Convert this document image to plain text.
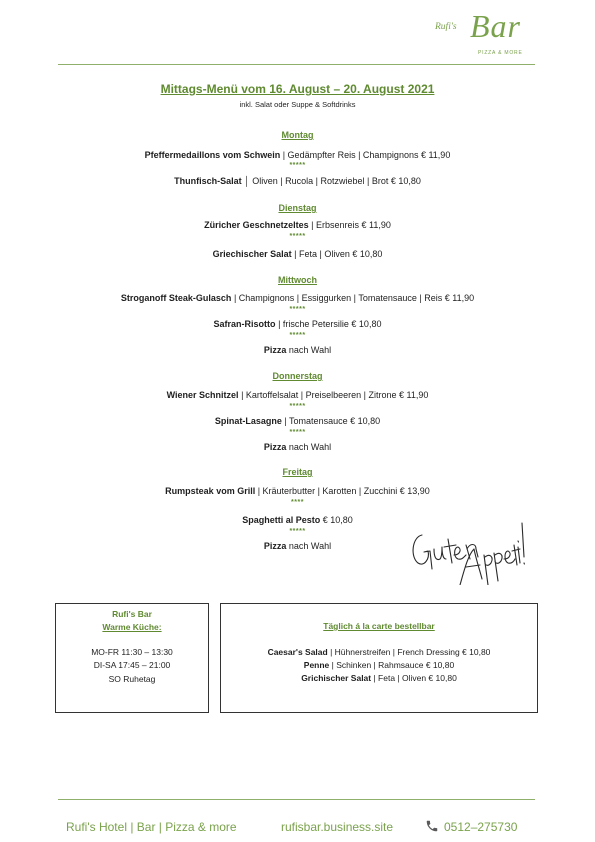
Rufi's Bar
PIZZA & MORE
Mittags-Menü vom 16. August – 20. August 2021
inkl. Salat oder Suppe & Softdrinks
Montag
Pfeffermedaillons vom Schwein | Gedämpfter Reis | Champignons € 11,90
*****
Thunfisch-Salat │ Oliven | Rucola | Rotzwiebel | Brot € 10,80
Dienstag
Züricher Geschnetzeltes | Erbsenreis € 11,90
*****
Griechischer Salat | Feta | Oliven € 10,80
Mittwoch
Stroganoff Steak-Gulasch | Champignons | Essiggurken | Tomatensauce | Reis € 11,90
*****
Safran-Risotto | frische Petersilie € 10,80
*****
Pizza nach Wahl
Donnerstag
Wiener Schnitzel | Kartoffelsalat | Preiselbeeren | Zitrone € 11,90
*****
Spinat-Lasagne | Tomatensauce € 10,80
*****
Pizza nach Wahl
Freitag
Rumpsteak vom Grill | Kräuterbutter | Karotten | Zucchini € 13,90
****
Spaghetti al Pesto € 10,80
*****
Pizza nach Wahl
Rufi's Bar
Warme Küche:
MO-FR 11:30 – 13:30
DI-SA 17:45 – 21:00
SO Ruhetag
Täglich á la carte bestellbar
Caesar's Salad | Hühnerstreifen | French Dressing € 10,80
Penne | Schinken | Rahmsauce € 10,80
Grichischer Salat | Feta | Oliven € 10,80
Rufi's Hotel | Bar | Pizza & more	rufisbar.business.site	0512–275730
